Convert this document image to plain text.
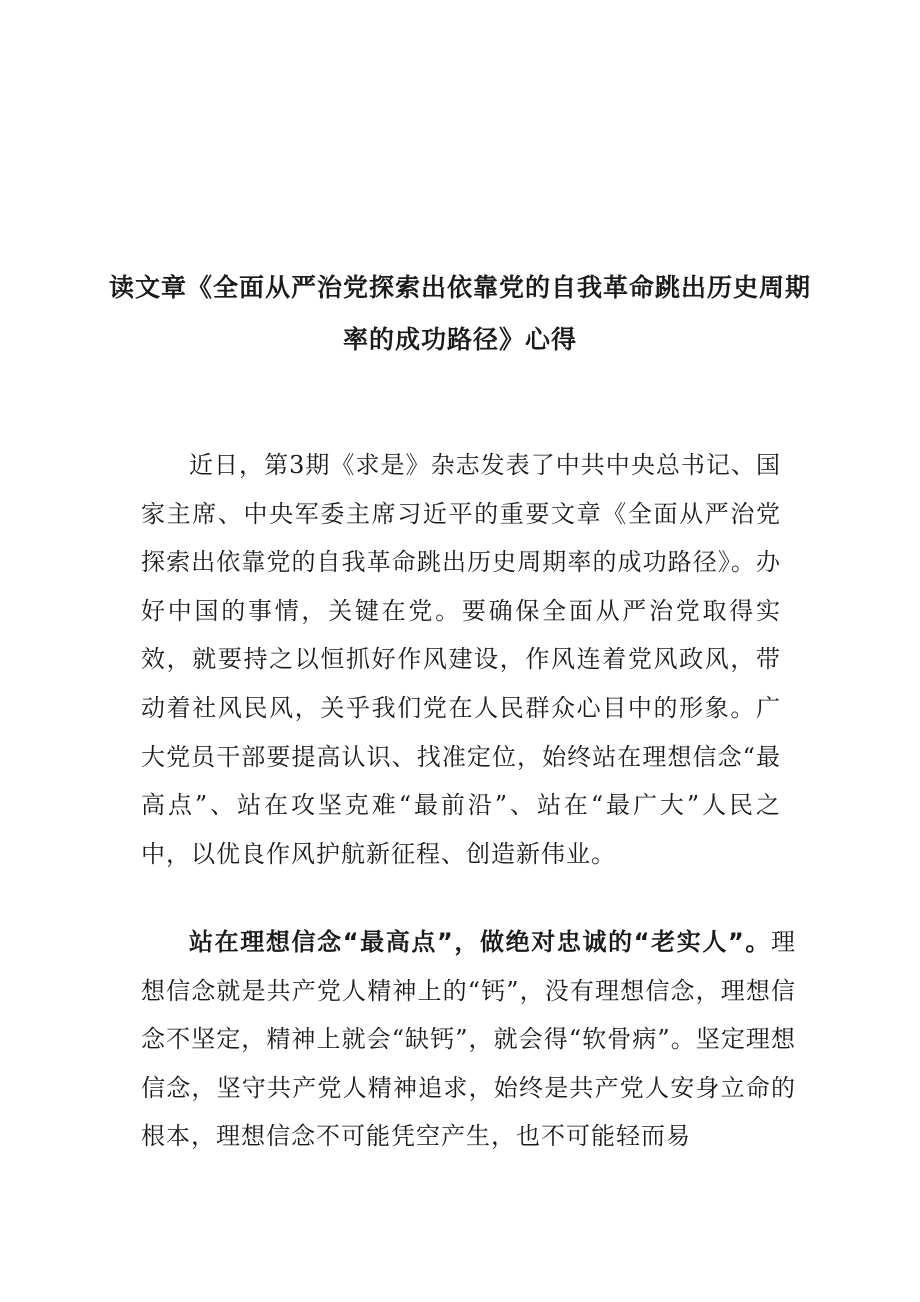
读文章《全面从严治党探索出依靠党的自我革命跳出历史周期率的成功路径》心得

近日，第3期《求是》杂志发表了中共中央总书记、国家主席、中央军委主席习近平的重要文章《全面从严治党探索出依靠党的自我革命跳出历史周期率的成功路径》。办好中国的事情，关键在党。要确保全面从严治党取得实效，就要持之以恒抓好作风建设，作风连着党风政风，带动着社风民风，关乎我们党在人民群众心目中的形象。广大党员干部要提高认识、找准定位，始终站在理想信念“最高点”、站在攻坚克难“最前沿”、站在“最广大”人民之中，以优良作风护航新征程、创造新伟业。

站在理想信念“最高点”，做绝对忠诚的“老实人”。理想信念就是共产党人精神上的“钙”，没有理想信念，理想信念不坚定，精神上就会“缺钙”，就会得“软骨病”。坚定理想信念，坚守共产党人精神追求，始终是共产党人安身立命的根本，理想信念不可能凭空产生，也不可能轻而易
